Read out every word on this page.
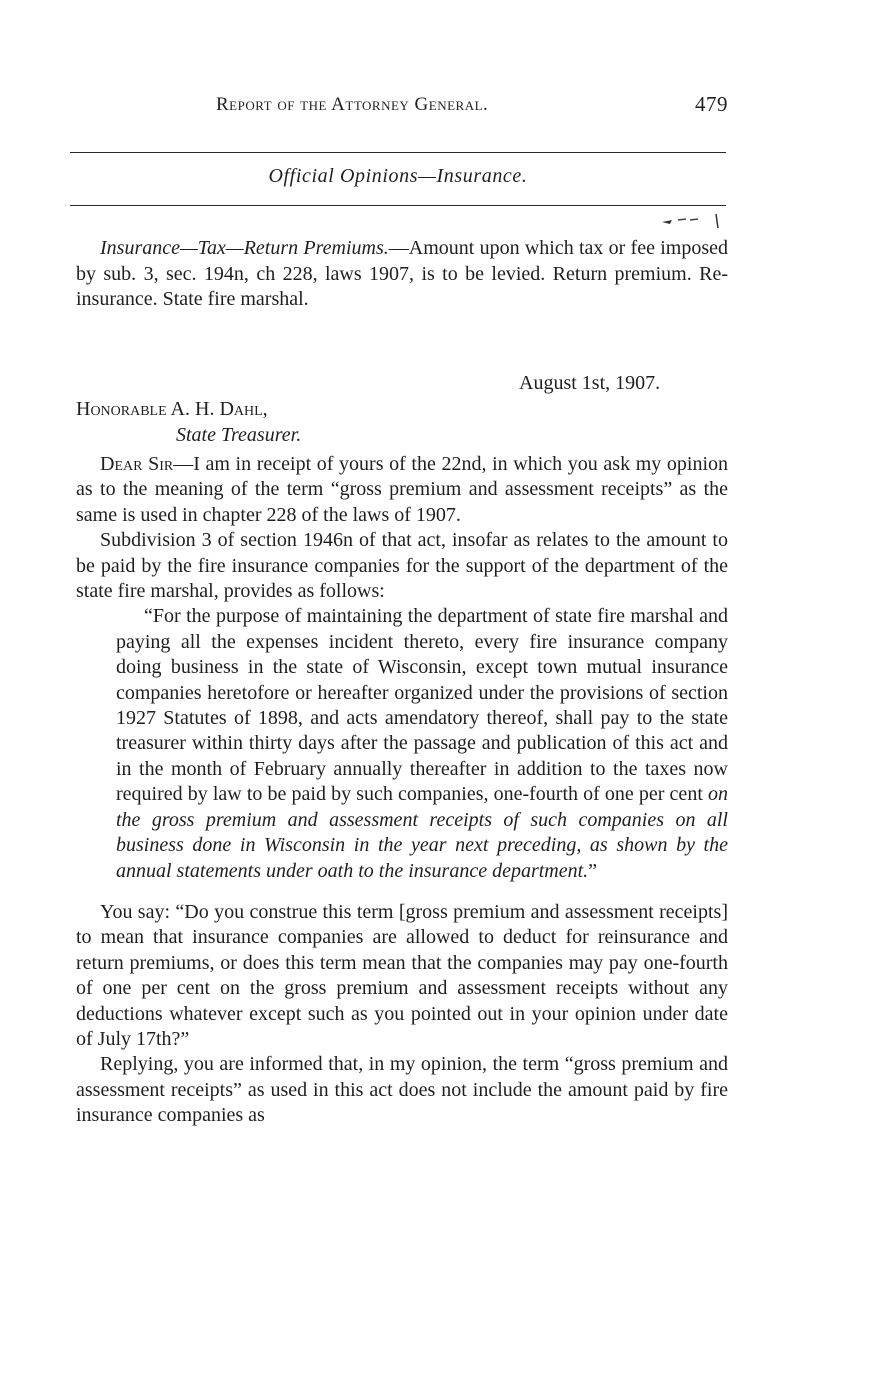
Report of the Attorney General.	479
Official Opinions—Insurance.
Insurance—Tax—Return Premiums.—Amount upon which tax or fee imposed by sub. 3, sec. 194n, ch 228, laws 1907, is to be levied. Return premium. Re-insurance. State fire marshal.
August 1st, 1907.
Honorable A. H. Dahl,
State Treasurer.

Dear Sir—I am in receipt of yours of the 22nd, in which you ask my opinion as to the meaning of the term “gross premium and assessment receipts” as the same is used in chapter 228 of the laws of 1907.

Subdivision 3 of section 1946n of that act, insofar as relates to the amount to be paid by the fire insurance companies for the support of the department of the state fire marshal, provides as follows:

“For the purpose of maintaining the department of state fire marshal and paying all the expenses incident thereto, every fire insurance company doing business in the state of Wisconsin, except town mutual insurance companies heretofore or hereafter organized under the provisions of section 1927 Statutes of 1898, and acts amendatory thereof, shall pay to the state treasurer within thirty days after the passage and publication of this act and in the month of February annually thereafter in addition to the taxes now required by law to be paid by such companies, one-fourth of one per cent on the gross premium and assessment receipts of such companies on all business done in Wisconsin in the year next preceding, as shown by the annual statements under oath to the insurance department.”

You say: “Do you construe this term [gross premium and assessment receipts] to mean that insurance companies are allowed to deduct for reinsurance and return premiums, or does this term mean that the companies may pay one-fourth of one per cent on the gross premium and assessment receipts without any deductions whatever except such as you pointed out in your opinion under date of July 17th?”

Replying, you are informed that, in my opinion, the term “gross premium and assessment receipts” as used in this act does not include the amount paid by fire insurance companies as
